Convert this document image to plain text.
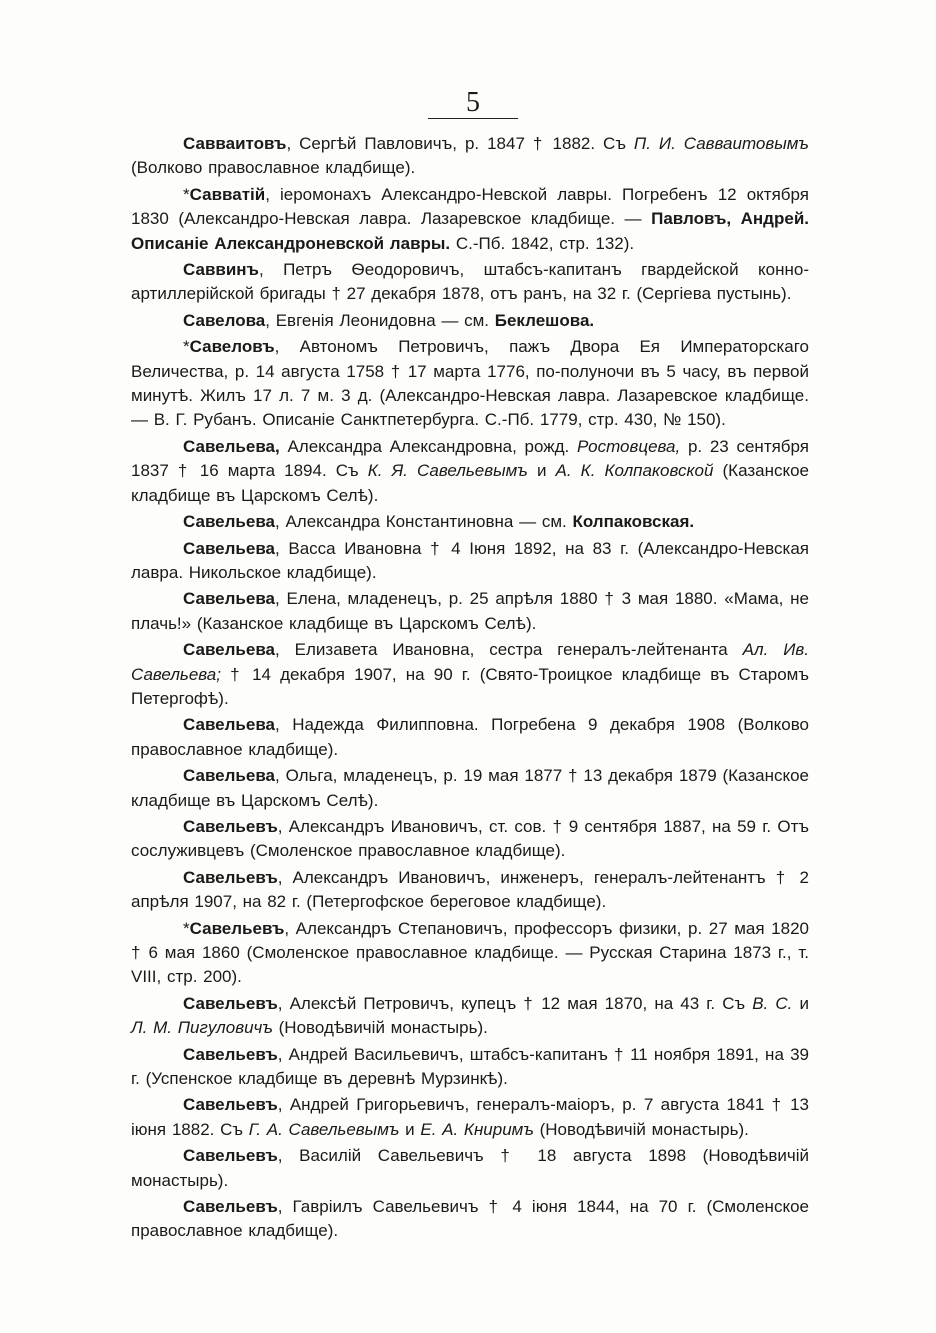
5

Савваитовъ, Сергѣй Павловичъ, р. 1847 † 1882. Съ П. И. Савваитовымъ (Волково православное кладбище).

*Савватій, іеромонахъ Александро-Невской лавры. Погребенъ 12 октября 1830 (Александро-Невская лавра. Лазаревское кладбище. — Павловъ, Андрей. Описаніе Александроневской лавры. С.-Пб. 1842, стр. 132).

Саввинъ, Петръ Ѳеодоровичъ, штабсъ-капитанъ гвардейской конно-артиллерійской бригады † 27 декабря 1878, отъ ранъ, на 32 г. (Сергіева пустынь).

Савелова, Евгенія Леонидовна — см. Беклешова.

*Савеловъ, Автономъ Петровичъ, пажъ Двора Ея Императорскаго Величества, р. 14 августа 1758 † 17 марта 1776, по-полуночи въ 5 часу, въ первой минутѣ. Жилъ 17 л. 7 м. 3 д. (Александро-Невская лавра. Лазаревское кладбище. — В. Г. Рубанъ. Описаніе Санктпетербурга. С.-Пб. 1779, стр. 430, № 150).

Савельева, Александра Александровна, рожд. Ростовцева, р. 23 сентября 1837 † 16 марта 1894. Съ К. Я. Савельевымъ и А. К. Колпаковской (Казанское кладбище въ Царскомъ Селѣ).

Савельева, Александра Константиновна — см. Колпаковская.

Савельева, Васса Ивановна † 4 Іюня 1892, на 83 г. (Александро-Невская лавра. Никольское кладбище).

Савельева, Елена, младенецъ, р. 25 апрѣля 1880 † 3 мая 1880. «Мама, не плачь!» (Казанское кладбище въ Царскомъ Селѣ).

Савельева, Елизавета Ивановна, сестра генералъ-лейтенанта Ал. Ив. Савельева; † 14 декабря 1907, на 90 г. (Свято-Троицкое кладбище въ Старомъ Петергофѣ).

Савельева, Надежда Филипповна. Погребена 9 декабря 1908 (Волково православное кладбище).

Савельева, Ольга, младенецъ, р. 19 мая 1877 † 13 декабря 1879 (Казанское кладбище въ Царскомъ Селѣ).

Савельевъ, Александръ Ивановичъ, ст. сов. † 9 сентября 1887, на 59 г. Отъ сослуживцевъ (Смоленское православное кладбище).

Савельевъ, Александръ Ивановичъ, инженеръ, генералъ-лейтенантъ † 2 апрѣля 1907, на 82 г. (Петергофское береговое кладбище).

*Савельевъ, Александръ Степановичъ, профессоръ физики, р. 27 мая 1820 † 6 мая 1860 (Смоленское православное кладбище. — Русская Старина 1873 г., т. VIII, стр. 200).

Савельевъ, Алексѣй Петровичъ, купецъ † 12 мая 1870, на 43 г. Съ В. С. и Л. М. Пигуловичъ (Новодѣвичій монастырь).

Савельевъ, Андрей Васильевичъ, штабсъ-капитанъ † 11 ноября 1891, на 39 г. (Успенское кладбище въ деревнѣ Мурзинкѣ).

Савельевъ, Андрей Григорьевичъ, генералъ-маіоръ, р. 7 августа 1841 † 13 іюня 1882. Съ Г. А. Савельевымъ и Е. А. Книримъ (Новодѣвичій монастырь).

Савельевъ, Василій Савельевичъ † 18 августа 1898 (Новодѣвичій монастырь).

Савельевъ, Гавріилъ Савельевичъ † 4 іюня 1844, на 70 г. (Смоленское православное кладбище).
